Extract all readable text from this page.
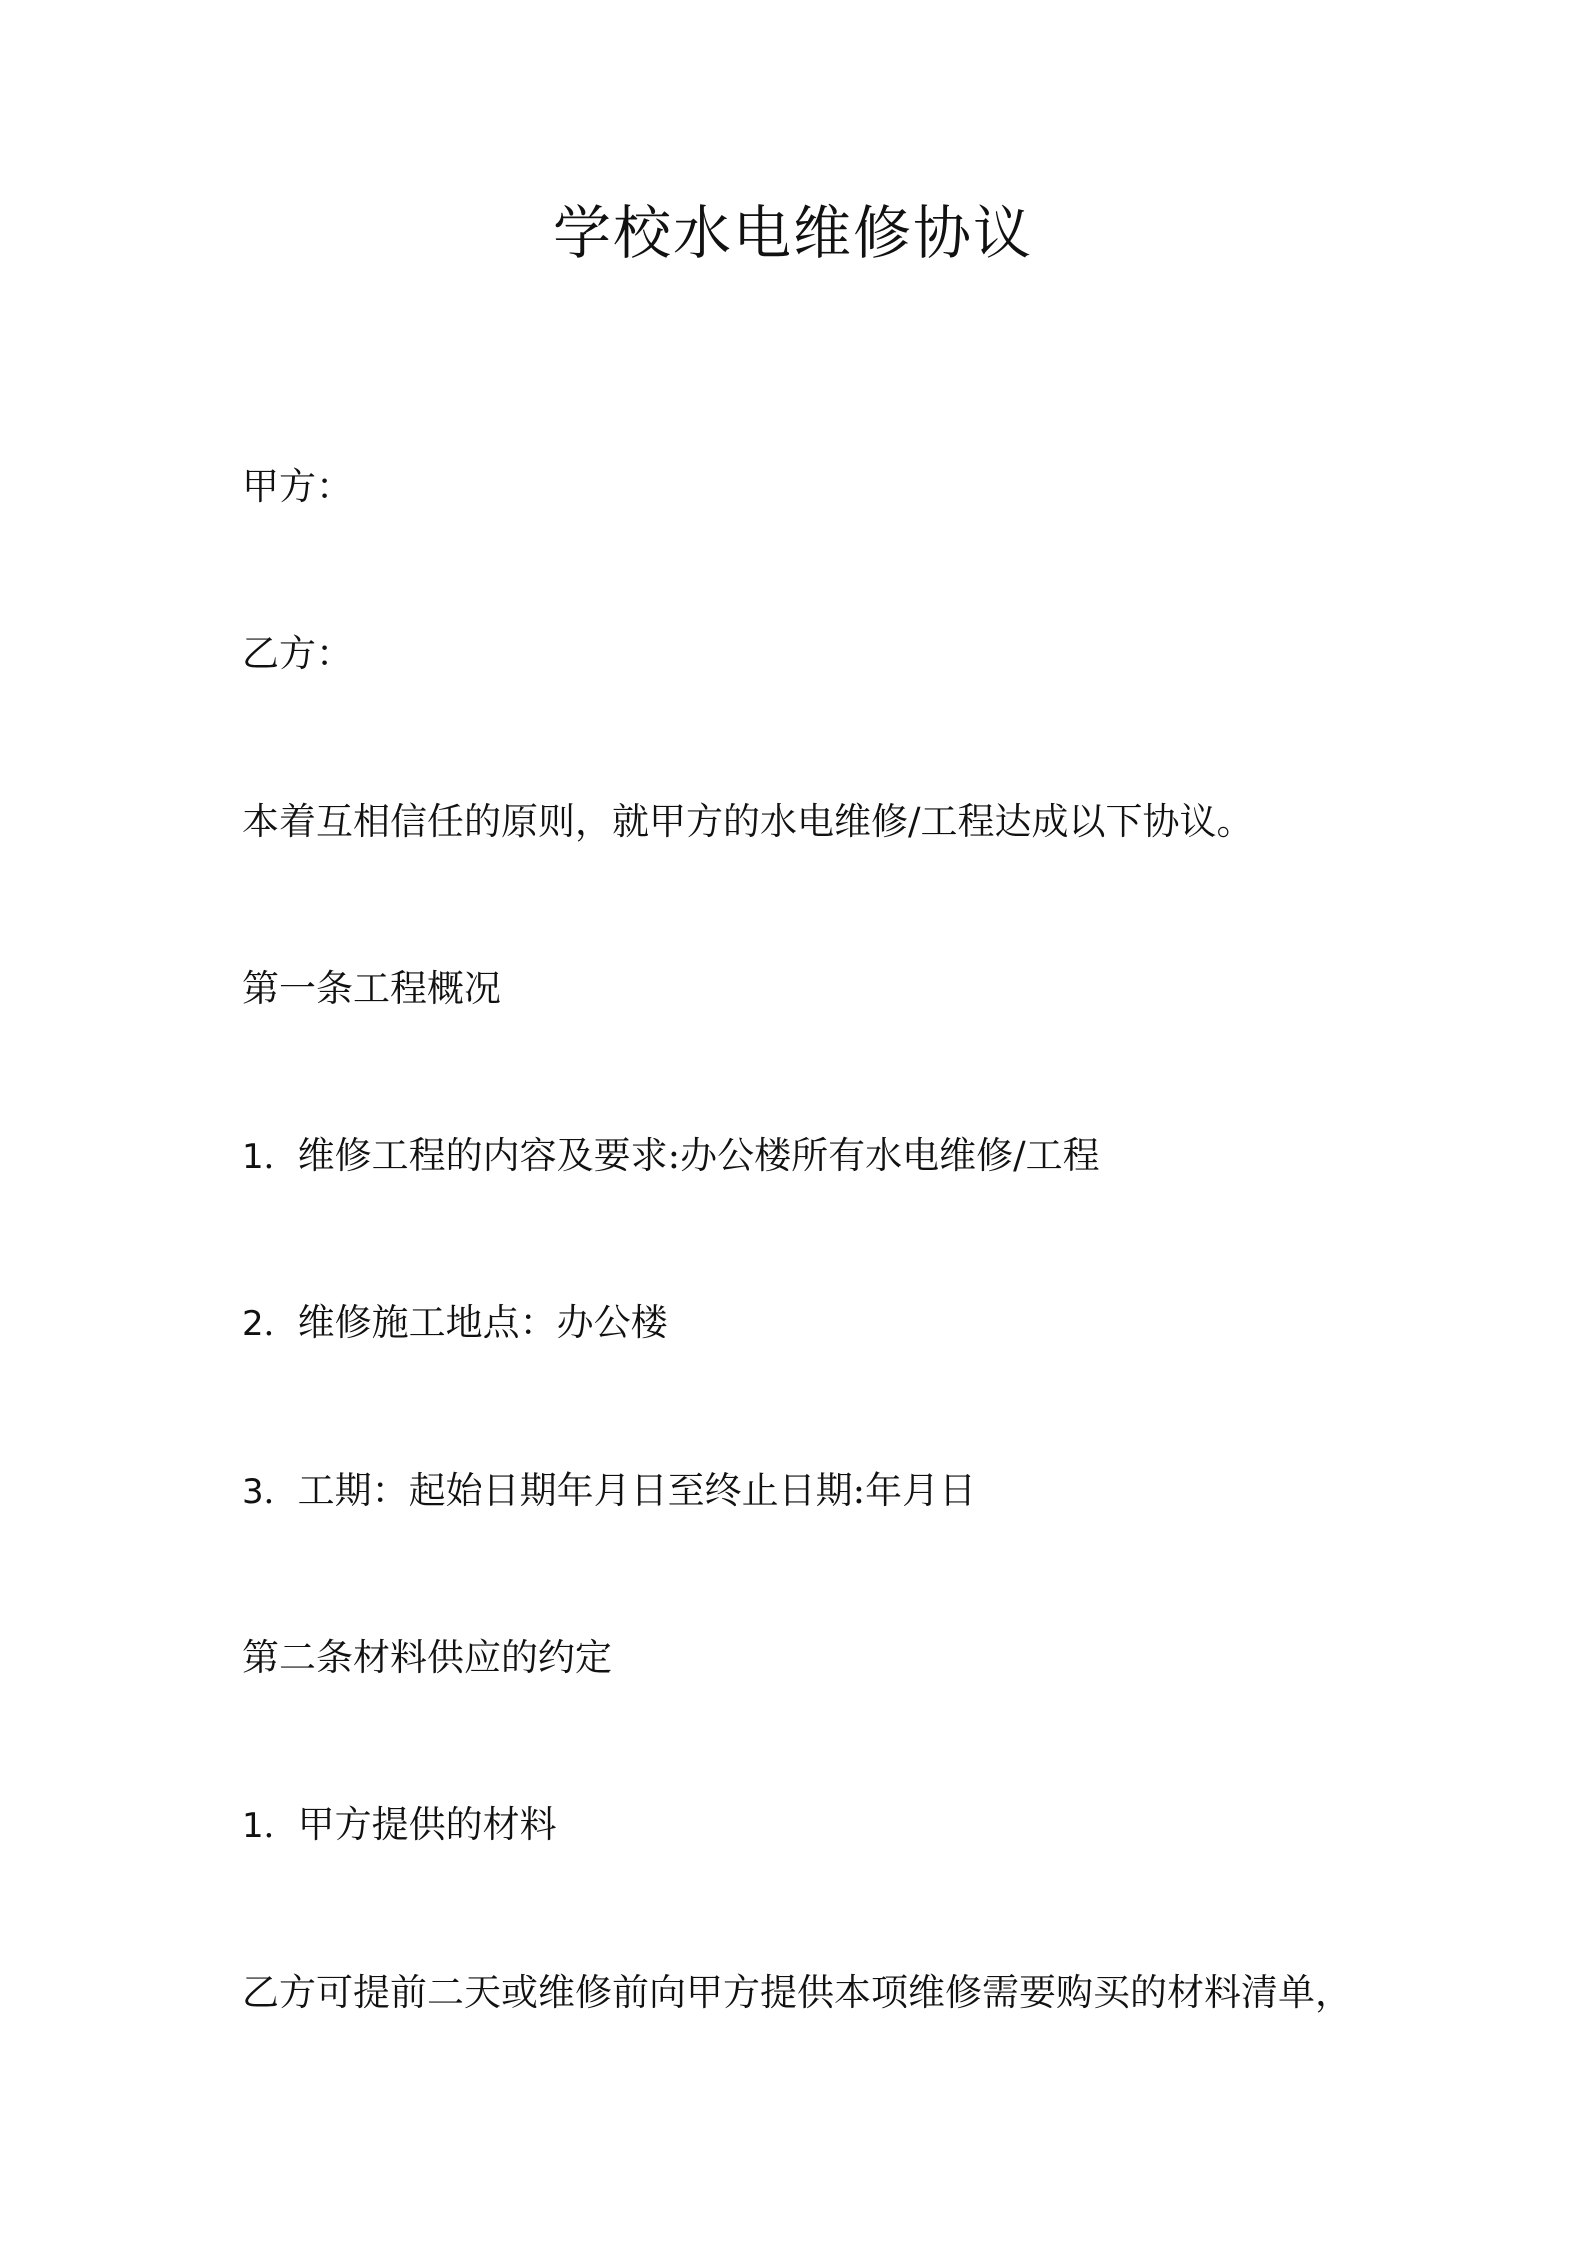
学校水电维修协议
甲方：
乙方：
本着互相信任的原则，就甲方的水电维修/工程达成以下协议。
第一条工程概况
1．维修工程的内容及要求:办公楼所有水电维修/工程
2．维修施工地点：办公楼
3．工期：起始日期年月日至终止日期:年月日
第二条材料供应的约定
1．甲方提供的材料
乙方可提前二天或维修前向甲方提供本项维修需要购买的材料清单，
